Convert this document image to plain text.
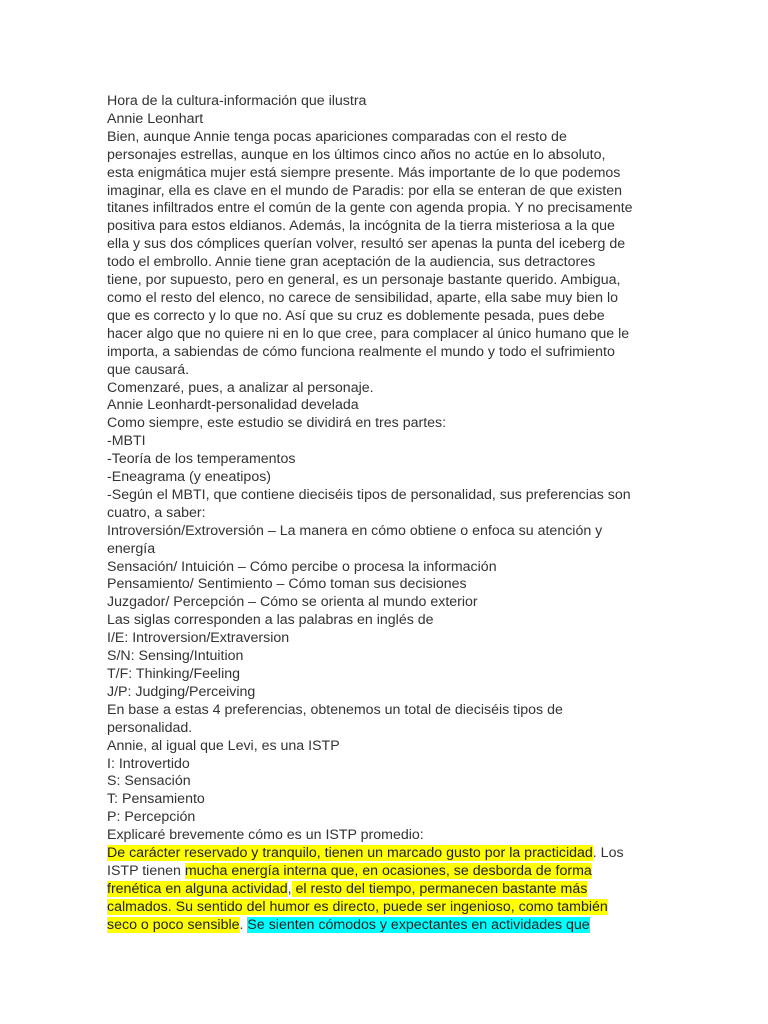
Hora de la cultura-información que ilustra
Annie Leonhart
Bien, aunque Annie tenga pocas apariciones comparadas con el resto de
personajes estrellas, aunque en los últimos cinco años no actúe en lo absoluto,
esta enigmática mujer está siempre presente. Más importante de lo que podemos
imaginar, ella es clave en el mundo de Paradis: por ella se enteran de que existen
titanes infiltrados entre el común de la gente con agenda propia. Y no precisamente
positiva para estos eldianos. Además, la incógnita de la tierra misteriosa a la que
ella y sus dos cómplices querían volver, resultó ser apenas la punta del iceberg de
todo el embrollo. Annie tiene gran aceptación de la audiencia, sus detractores
tiene, por supuesto, pero en general, es un personaje bastante querido. Ambigua,
como el resto del elenco, no carece de sensibilidad, aparte, ella sabe muy bien lo
que es correcto y lo que no. Así que su cruz es doblemente pesada, pues debe
hacer algo que no quiere ni en lo que cree, para complacer al único humano que le
importa, a sabiendas de cómo funciona realmente el mundo y todo el sufrimiento
que causará.
Comenzaré, pues, a analizar al personaje.
Annie Leonhardt-personalidad develada
Como siempre, este estudio se dividirá en tres partes:
-MBTI
-Teoría de los temperamentos
-Eneagrama (y eneatipos)
-Según el MBTI, que contiene dieciséis tipos de personalidad, sus preferencias son
cuatro, a saber:
Introversión/Extroversión – La manera en cómo obtiene o enfoca su atención y
energía
Sensación/ Intuición – Cómo percibe o procesa la información
Pensamiento/ Sentimiento – Cómo toman sus decisiones
Juzgador/ Percepción – Cómo se orienta al mundo exterior
Las siglas corresponden a las palabras en inglés de
I/E: Introversion/Extraversion
S/N: Sensing/Intuition
T/F: Thinking/Feeling
J/P: Judging/Perceiving
En base a estas 4 preferencias, obtenemos un total de dieciséis tipos de
personalidad.
Annie, al igual que Levi, es una ISTP
I: Introvertido
S: Sensación
T: Pensamiento
P: Percepción
Explicaré brevemente cómo es un ISTP promedio:
De carácter reservado y tranquilo, tienen un marcado gusto por la practicidad. Los
ISTP tienen mucha energía interna que, en ocasiones, se desborda de forma
frenética en alguna actividad, el resto del tiempo, permanecen bastante más
calmados. Su sentido del humor es directo, puede ser ingenioso, como también
seco o poco sensible. Se sienten cómodos y expectantes en actividades que
